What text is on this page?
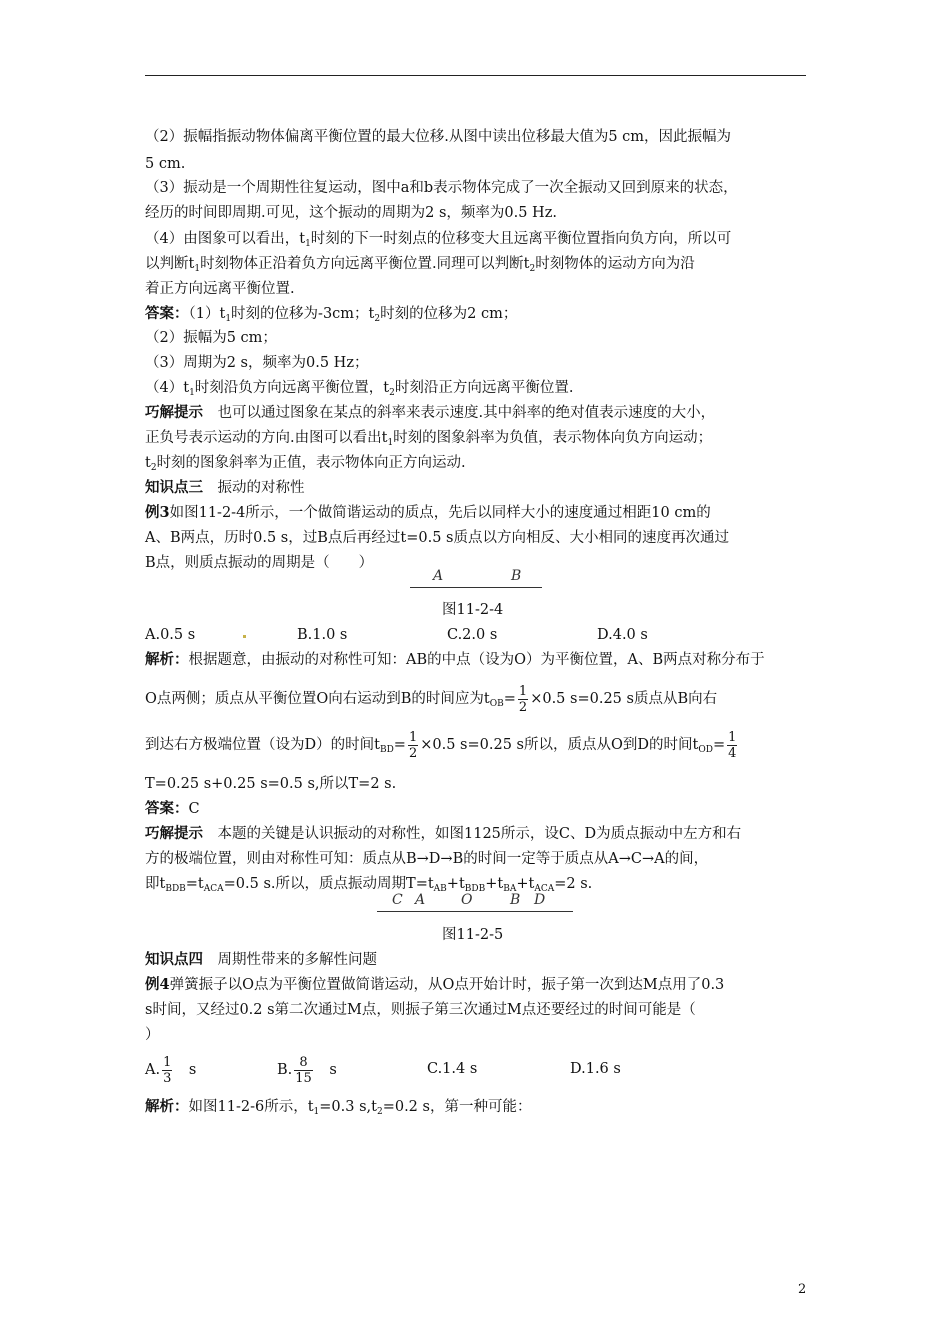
（2）振幅指振动物体偏离平衡位置的最大位移.从图中读出位移最大值为5 cm，因此振幅为
5 cm.
（3）振动是一个周期性往复运动，图中a和b表示物体完成了一次全振动又回到原来的状态，
经历的时间即周期.可见，这个振动的周期为2 s，频率为0.5 Hz.
（4）由图象可以看出，$t_1$时刻的下一时刻点的位移变大且远离平衡位置指向负方向，所以可
以判断$t_1$时刻物体正沿着负方向远离平衡位置.同理可以判断$t_2$时刻物体的运动方向为沿
着正方向远离平衡位置.
答案：$(1)t_1$时刻的位移为-3cm；$t_2$时刻的位移为2 cm；
（2）振幅为5 cm；
（3）周期为2 s，频率为0.5 Hz；
$(4)t_1$时刻沿负方向远离平衡位置，$t_2$时刻沿正方向远离平衡位置.
巧解提示　 也可以通过图象在某点的斜率来表示速度.其中斜率的绝对值表示速度的大小，
正负号表示运动的方向.由图可以看出$t_1$时刻的图象斜率为负值，表示物体向负方向运动；
$t_2$时刻的图象斜率为正值，表示物体向正方向运动.
知识点三　 振动的对称性
例3如图11-2-4所示，一个做简谐运动的质点，先后以同样大小的速度通过相距10 cm的
A、B两点，历时0.5 s，过B点后再经过t=0.5 s质点以方向相反、大小相同的速度再次通过
B点，则质点振动的周期是（　　）
A	B
图11-2-4
A.0.5 s	B.1.0 s	C.2.0 s	D.4.0 s
解析：根据题意，由振动的对称性可知：AB的中点（设为O）为平衡位置，A、B两点对称分布于
O点两侧；质点从平衡位置O向右运动到B的时间应为$t_{OB}= \frac{1}{2} \times 0.5$ s=0.25 s质点从B向右
到达右方极端位置（设为D）的时间$t_{BD}= \frac{1}{2} \times 0.5$ s=0.25 s所以，质点从O到D的时间$t_{OD}= \frac{1}{4}$
T=0.25 s+0.25 s=0.5 s,所以T=2 s.
答案：C
巧解提示　 本题的关键是认识振动的对称性，如图1125所示，设C、D为质点振动中左方和右
方的极端位置，则由对称性可知：质点从B→D→B的时间一定等于质点从A→C→A的间，
即$t_{BDB}=t_{ACA}=0.5$ s.所以，质点振动周期$T=t_{AB}+t_{BDB}+t_{BA}+t_{ACA}=2$ s.
C A	O	B D
图11-2-5
知识点四　 周期性带来的多解性问题
例4弹簧振子以O点为平衡位置做简谐运动，从O点开始计时，振子第一次到达M点用了0.3
s时间，又经过0.2 s第二次通过M点，则振子第三次通过M点还要经过的时间可能是（
）
A. $\frac{1}{3}$
　 s	B. $\frac{8}{15}$
　 s	C.1.4 s	D.1.6 s
解析：如图11-2-6所示，$t_1=0.3$ $s,t_2=0.2$ s，第一种可能：
2
